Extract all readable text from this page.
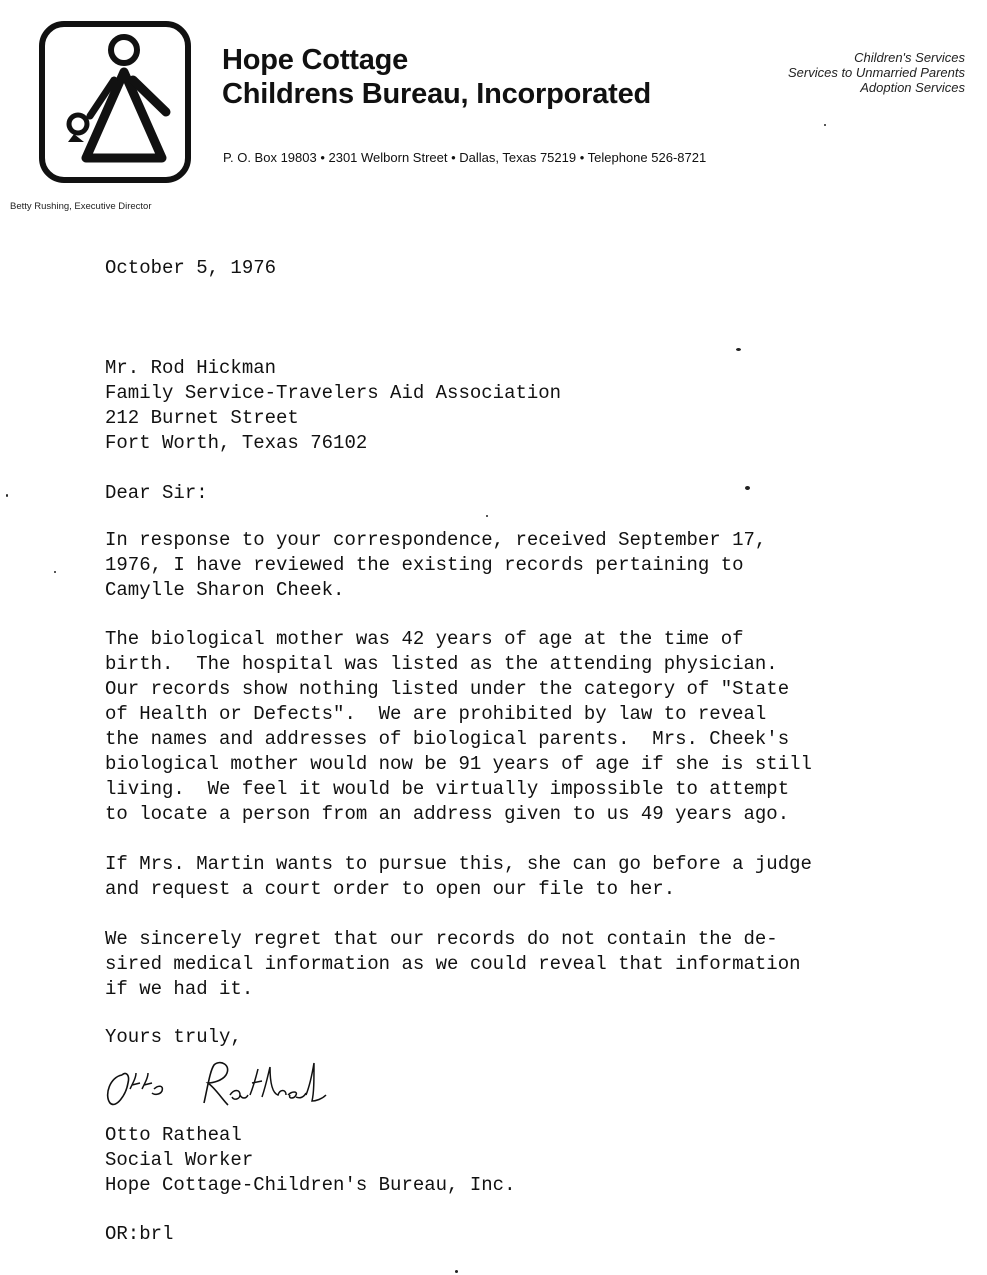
Hope Cottage
Childrens Bureau, Incorporated
Children's Services
Services to Unmarried Parents
Adoption Services
P. O. Box 19803 • 2301 Welborn Street • Dallas, Texas 75219 • Telephone 526-8721
Betty Rushing, Executive Director
October 5, 1976
Mr. Rod Hickman
Family Service-Travelers Aid Association
212 Burnet Street
Fort Worth, Texas 76102
Dear Sir:
In response to your correspondence, received September 17,
1976, I have reviewed the existing records pertaining to
Camylle Sharon Cheek.
The biological mother was 42 years of age at the time of
birth.  The hospital was listed as the attending physician.
Our records show nothing listed under the category of "State
of Health or Defects".  We are prohibited by law to reveal
the names and addresses of biological parents.  Mrs. Cheek's
biological mother would now be 91 years of age if she is still
living.  We feel it would be virtually impossible to attempt
to locate a person from an address given to us 49 years ago.
If Mrs. Martin wants to pursue this, she can go before a judge
and request a court order to open our file to her.
We sincerely regret that our records do not contain the de-
sired medical information as we could reveal that information
if we had it.
Yours truly,
Otto Ratheal
Social Worker
Hope Cottage-Children's Bureau, Inc.
OR:brl
